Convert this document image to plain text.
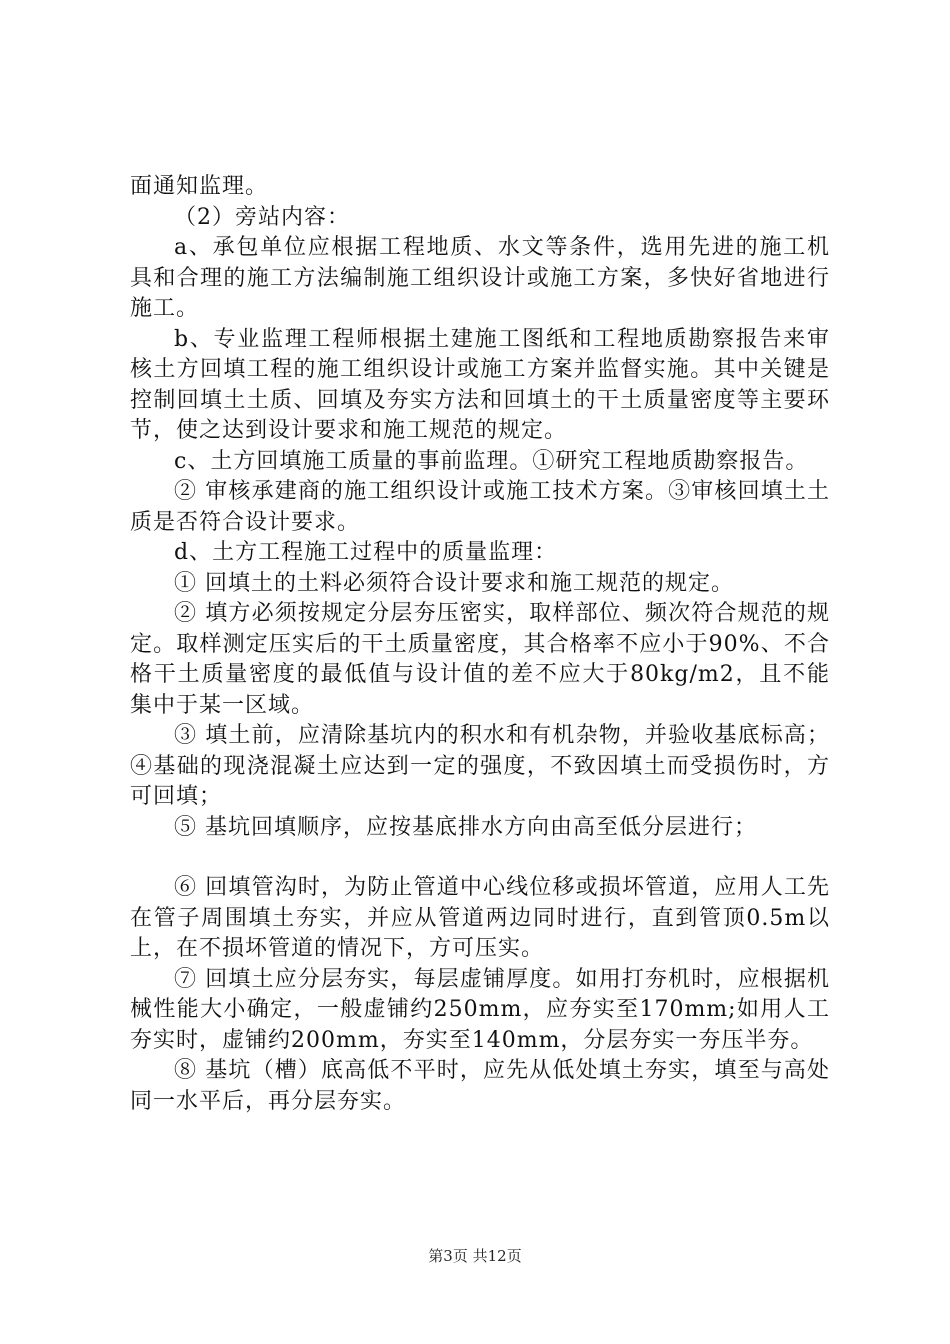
面通知监理。

（2）旁站内容：

a、承包单位应根据工程地质、水文等条件，选用先进的施工机具和合理的施工方法编制施工组织设计或施工方案，多快好省地进行施工。

b、专业监理工程师根据土建施工图纸和工程地质勘察报告来审核土方回填工程的施工组织设计或施工方案并监督实施。其中关键是控制回填土土质、回填及夯实方法和回填土的干土质量密度等主要环节，使之达到设计要求和施工规范的规定。

c、土方回填施工质量的事前监理。①研究工程地质勘察报告。

② 审核承建商的施工组织设计或施工技术方案。③审核回填土土质是否符合设计要求。

d、土方工程施工过程中的质量监理：

① 回填土的土料必须符合设计要求和施工规范的规定。

② 填方必须按规定分层夯压密实，取样部位、频次符合规范的规定。取样测定压实后的干土质量密度，其合格率不应小于90%、不合格干土质量密度的最低值与设计值的差不应大于80kg/m2，且不能集中于某一区域。

③ 填土前，应清除基坑内的积水和有机杂物，并验收基底标高；④基础的现浇混凝土应达到一定的强度，不致因填土而受损伤时，方可回填；

⑤ 基坑回填顺序，应按基底排水方向由高至低分层进行；

⑥ 回填管沟时，为防止管道中心线位移或损坏管道，应用人工先在管子周围填土夯实，并应从管道两边同时进行，直到管顶0.5m以上，在不损坏管道的情况下，方可压实。

⑦ 回填土应分层夯实，每层虚铺厚度。如用打夯机时，应根据机械性能大小确定，一般虚铺约250mm，应夯实至170mm;如用人工夯实时，虚铺约200mm，夯实至140mm，分层夯实一夯压半夯。

⑧ 基坑（槽）底高低不平时，应先从低处填土夯实，填至与高处同一水平后，再分层夯实。

第3页 共12页
